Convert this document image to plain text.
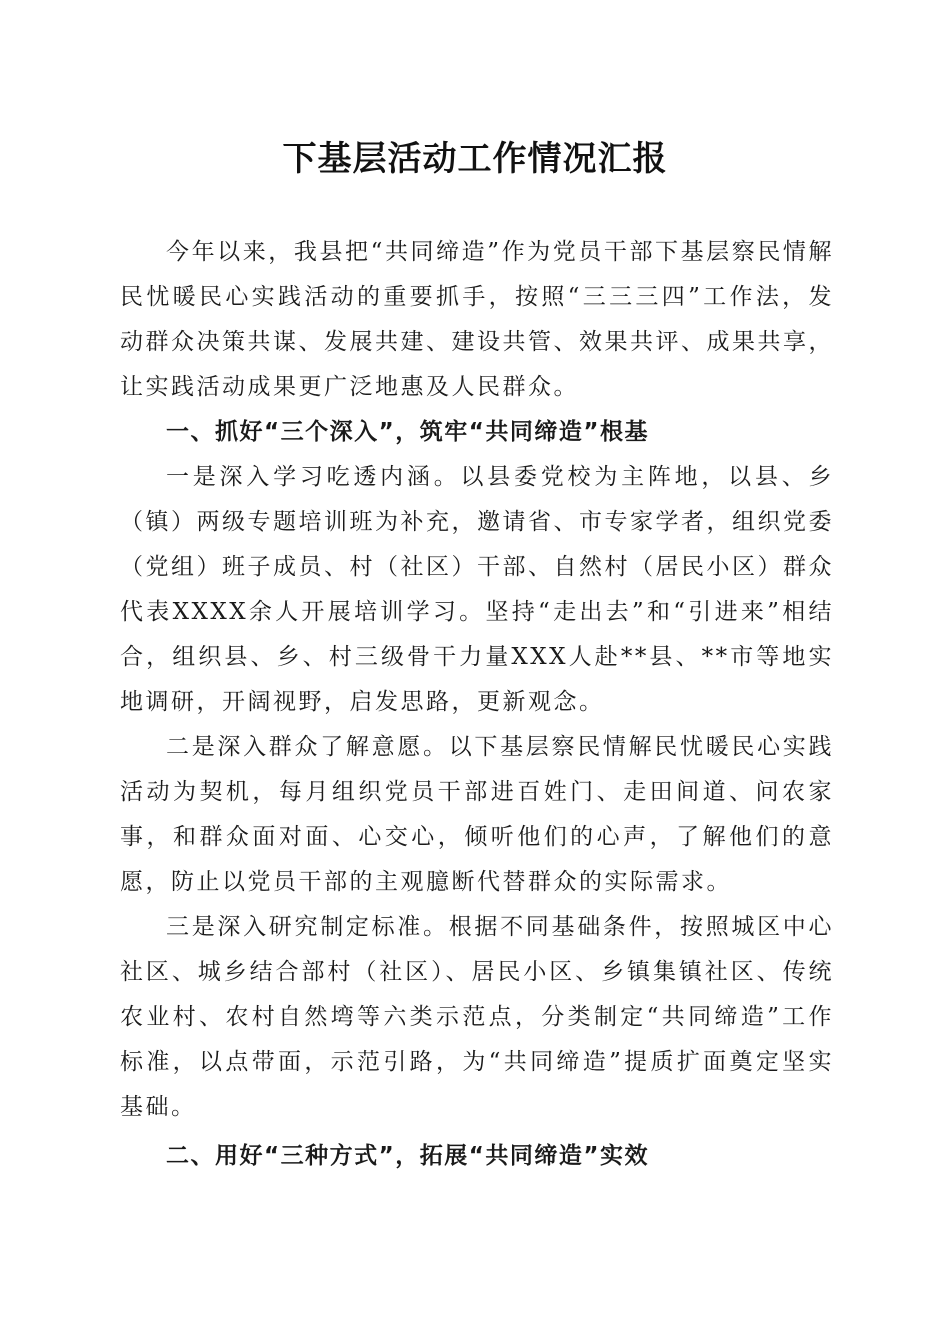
下基层活动工作情况汇报

今年以来，我县把“共同缔造”作为党员干部下基层察民情解民忧暖民心实践活动的重要抓手，按照“三三三四”工作法，发动群众决策共谋、发展共建、建设共管、效果共评、成果共享，让实践活动成果更广泛地惠及人民群众。

一、抓好“三个深入”，筑牢“共同缔造”根基

一是深入学习吃透内涵。以县委党校为主阵地，以县、乡（镇）两级专题培训班为补充，邀请省、市专家学者，组织党委（党组）班子成员、村（社区）干部、自然村（居民小区）群众代表XXXX余人开展培训学习。坚持“走出去”和“引进来”相结合，组织县、乡、村三级骨干力量XXX人赴**县、**市等地实地调研，开阔视野，启发思路，更新观念。

二是深入群众了解意愿。以下基层察民情解民忧暖民心实践活动为契机，每月组织党员干部进百姓门、走田间道、问农家事，和群众面对面、心交心，倾听他们的心声，了解他们的意愿，防止以党员干部的主观臆断代替群众的实际需求。

三是深入研究制定标准。根据不同基础条件，按照城区中心社区、城乡结合部村（社区）、居民小区、乡镇集镇社区、传统农业村、农村自然塆等六类示范点，分类制定“共同缔造”工作标准，以点带面，示范引路，为“共同缔造”提质扩面奠定坚实基础。

二、用好“三种方式”，拓展“共同缔造”实效
